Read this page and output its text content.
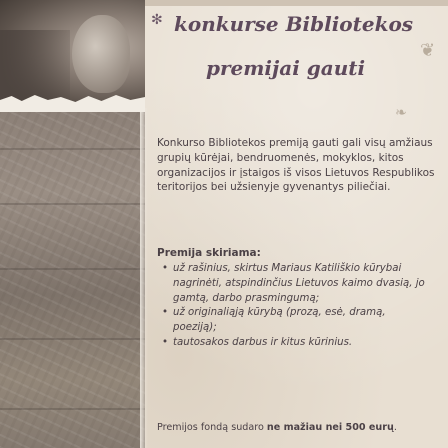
✻
❦
❧
konkurse Bibliotekos
premijai gauti

Konkurso Bibliotekos premiją gauti gali visų amžiaus grupių kūrėjai, bendruomenės, mokyklos, kitos organizacijos ir įstaigos iš visos Lietuvos Respublikos teritorijos bei užsienyje gyvenantys piliečiai.

Premija skiriama:

• už rašinius, skirtus Mariaus Katiliškio kūrybai nagrinėti, atspindinčius Lietuvos kaimo dvasią, jo gamtą, darbo prasmingumą;
• už originaliąją kūrybą (prozą, esė, dramą, poeziją);
• tautosakos darbus ir kitus kūrinius.

Premijos fondą sudaro ne mažiau nei 500 eurų.
